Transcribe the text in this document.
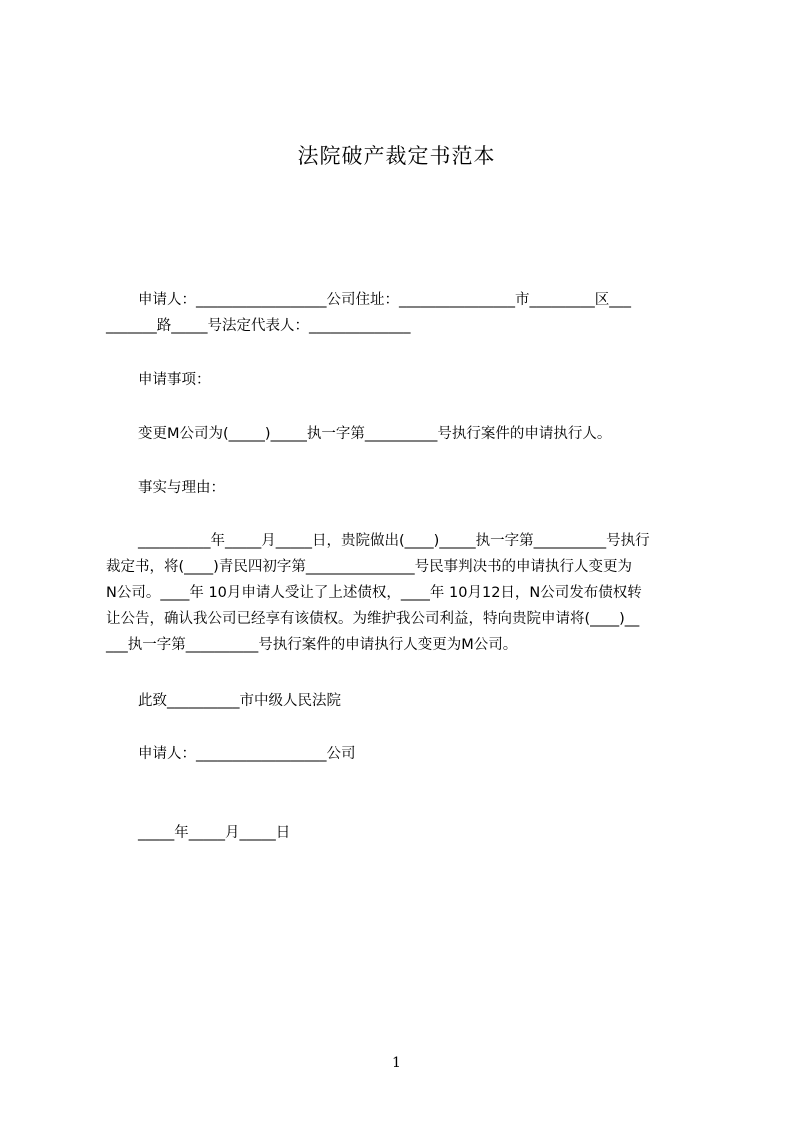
法院破产裁定书范本
申请人：__________________公司住址：________________市_________区___
_______路_____号法定代表人：______________
申请事项：
变更M公司为(_____)_____执一字第__________号执行案件的申请执行人。
事实与理由：
__________年_____月_____日，贵院做出(____)_____执一字第__________号执行
裁定书，将(____)青民四初字第_______________号民事判决书的申请执行人变更为
N公司。____年 10月申请人受让了上述债权，____年 10月12日，N公司发布债权转
让公告，确认我公司已经享有该债权。为维护我公司利益，特向贵院申请将(____)__
___执一字第__________号执行案件的申请执行人变更为M公司。
此致__________市中级人民法院
申请人：__________________公司
_____年_____月_____日
1
